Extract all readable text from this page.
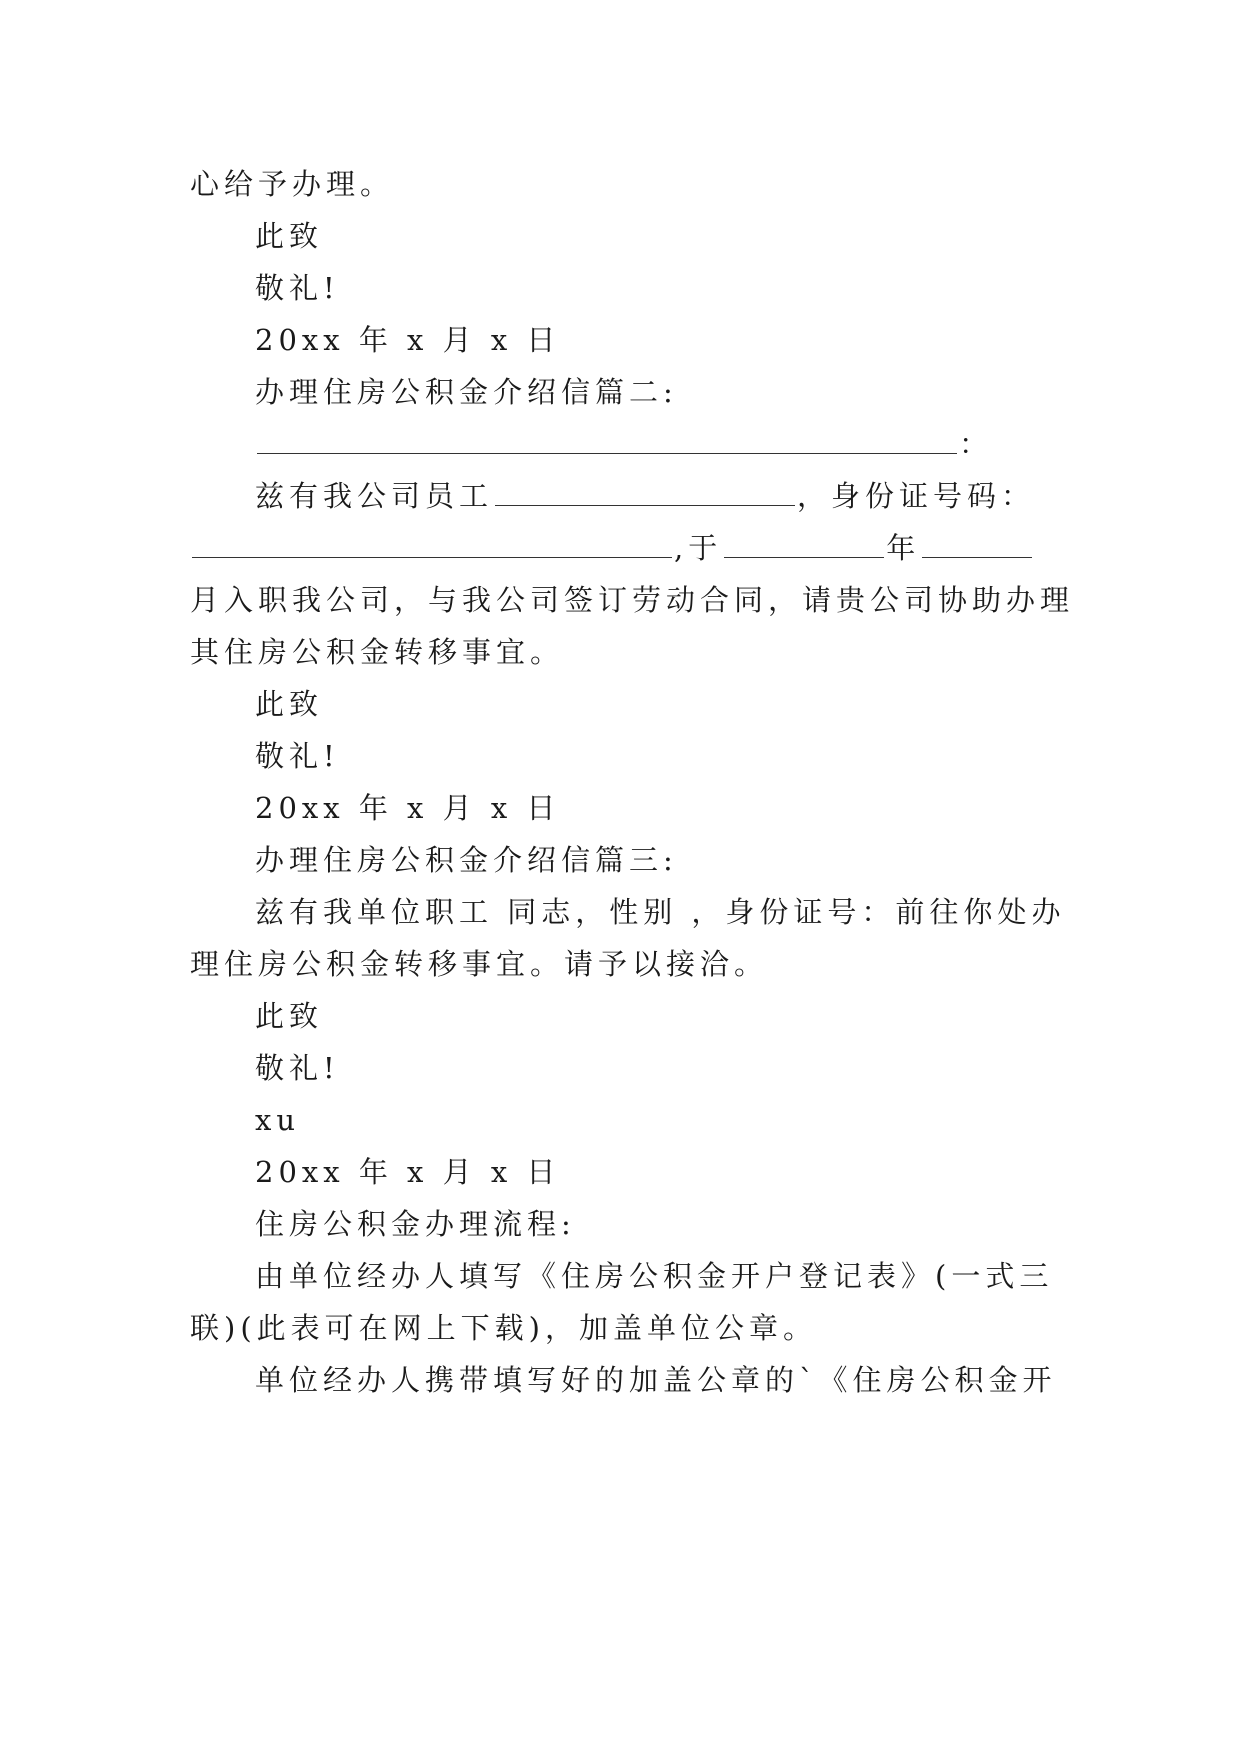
心给予办理。
此致
敬礼!
20xx 年 x 月 x 日
办理住房公积金介绍信篇二:
：
兹有我公司员工	，身份证号码：
,于	年
月入职我公司，与我公司签订劳动合同，请贵公司协助办理
其住房公积金转移事宜。
此致
敬礼!
20xx 年 x 月 x 日
办理住房公积金介绍信篇三:
兹有我单位职工 同志，性别 ，身份证号：前往你处办
理住房公积金转移事宜。请予以接洽。
此致
敬礼!
xu
20xx 年 x 月 x 日
住房公积金办理流程:
由单位经办人填写《住房公积金开户登记表》(一式三
联)(此表可在网上下载)，加盖单位公章。
单位经办人携带填写好的加盖公章的`《住房公积金开
